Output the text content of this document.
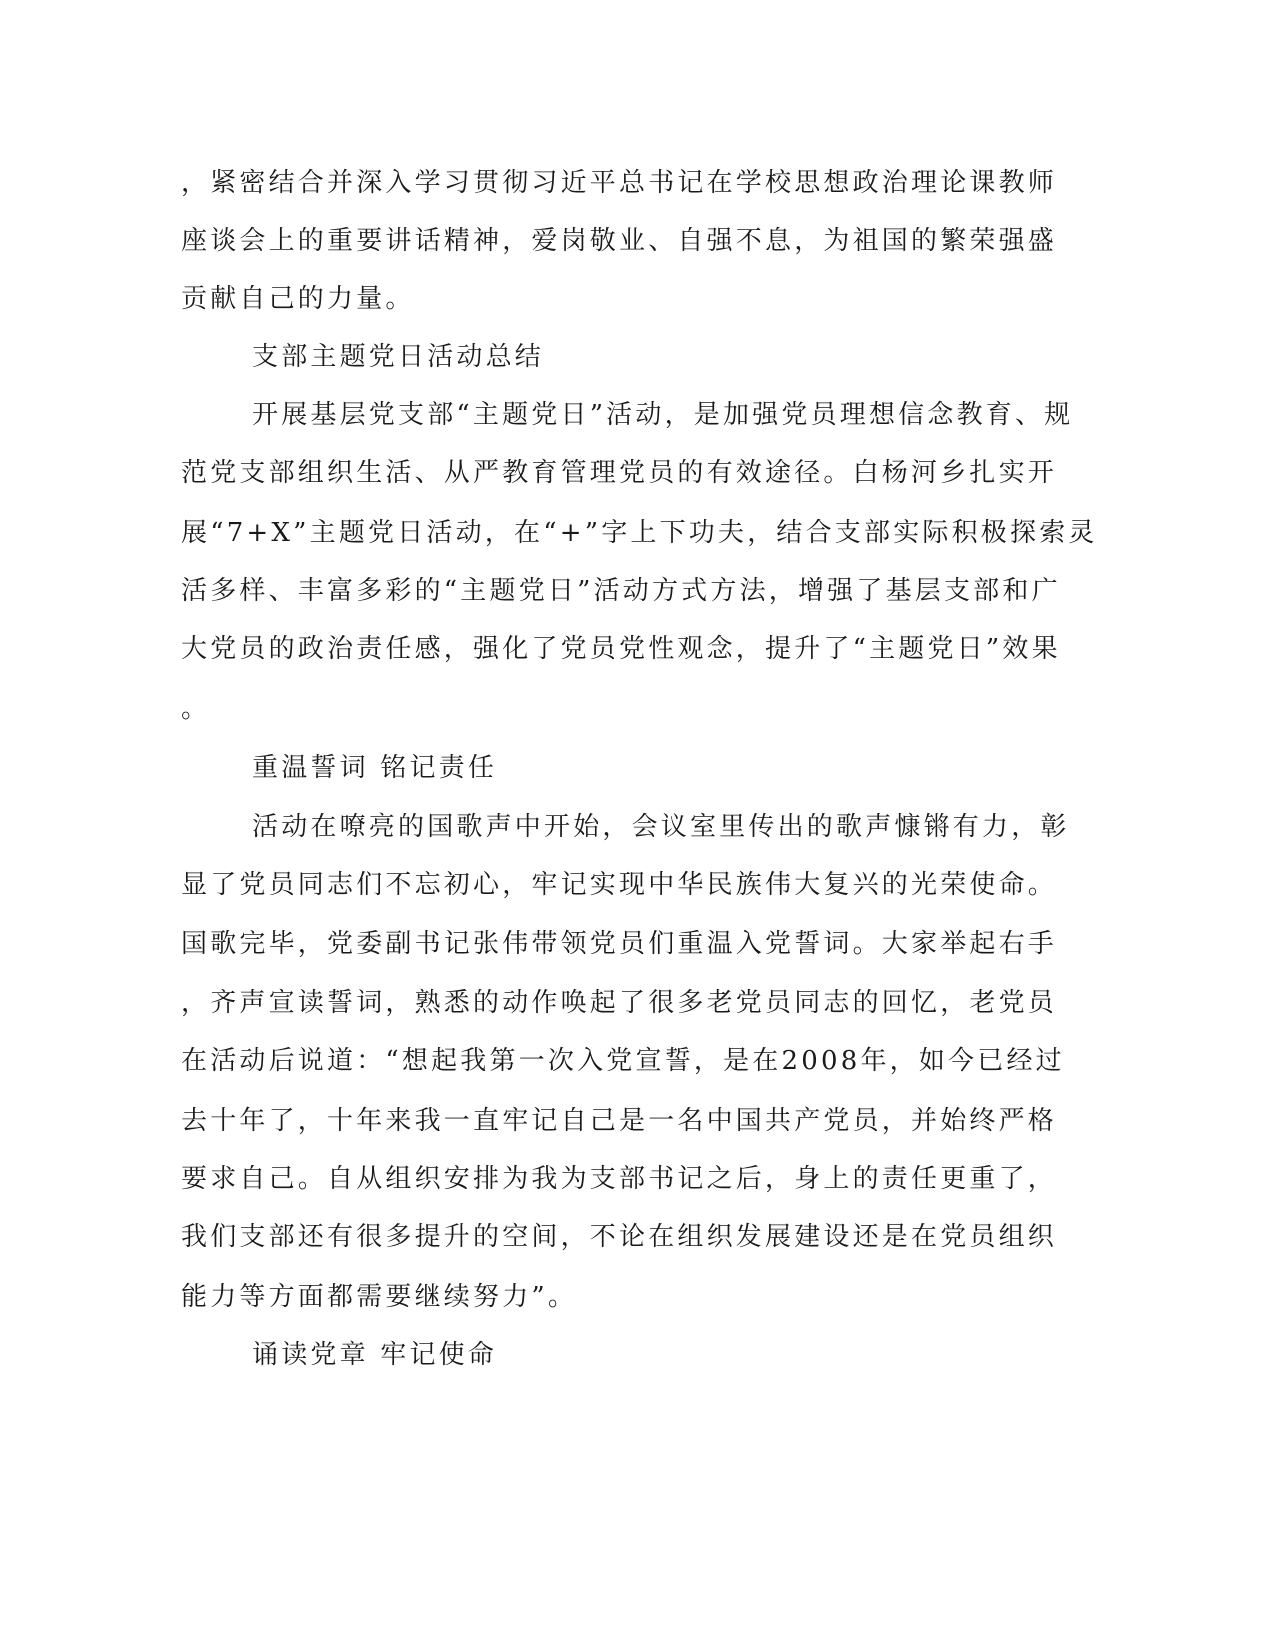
，紧密结合并深入学习贯彻习近平总书记在学校思想政治理论课教师
座谈会上的重要讲话精神，爱岗敬业、自强不息，为祖国的繁荣强盛
贡献自己的力量。
支部主题党日活动总结
开展基层党支部“主题党日”活动，是加强党员理想信念教育、规
范党支部组织生活、从严教育管理党员的有效途径。白杨河乡扎实开
展“7+X”主题党日活动，在“+”字上下功夫，结合支部实际积极探索灵
活多样、丰富多彩的“主题党日”活动方式方法，增强了基层支部和广
大党员的政治责任感，强化了党员党性观念，提升了“主题党日”效果
。
重温誓词 铭记责任
活动在嘹亮的国歌声中开始，会议室里传出的歌声慷锵有力，彰
显了党员同志们不忘初心，牢记实现中华民族伟大复兴的光荣使命。
国歌完毕，党委副书记张伟带领党员们重温入党誓词。大家举起右手
，齐声宣读誓词，熟悉的动作唤起了很多老党员同志的回忆，老党员
在活动后说道：“想起我第一次入党宣誓，是在2008年，如今已经过
去十年了，十年来我一直牢记自己是一名中国共产党员，并始终严格
要求自己。自从组织安排为我为支部书记之后，身上的责任更重了，
我们支部还有很多提升的空间，不论在组织发展建设还是在党员组织
能力等方面都需要继续努力”。
诵读党章 牢记使命
